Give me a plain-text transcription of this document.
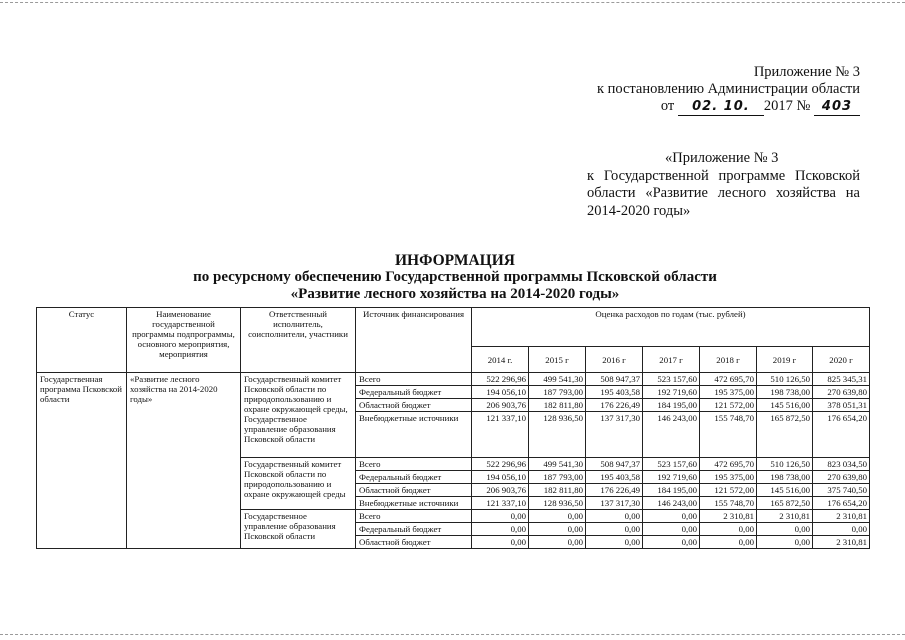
Приложение № 3
к постановлению Администрации области
от 02. 10. 2017 № 403
«Приложение № 3
к Государственной программе Псковской области «Развитие лесного хозяйства на 2014-2020 годы»
ИНФОРМАЦИЯ
по ресурсному обеспечению Государственной программы Псковской области
«Развитие лесного хозяйства на 2014-2020 годы»
Статус	Наименование государственной программы подпрограммы, основного мероприятия, мероприятия	Ответственный исполнитель, соисполнители, участники	Источник финансирования	Оценка расходов по годам (тыс. рублей)						
				2014 г.	2015 г	2016 г	2017 г	2018 г	2019 г	2020 г
Государственная программа Псковской области	«Развитие лесного хозяйства на 2014-2020 годы»	Государственный комитет Псковской области по природопользованию и охране окружающей среды, Государственное управление образования Псковской области	Всего	522 296,96	499 541,30	508 947,37	523 157,60	472 695,70	510 126,50	825 345,31
			Федеральный бюджет	194 056,10	187 793,00	195 403,58	192 719,60	195 375,00	198 738,00	270 639,80
			Областной бюджет	206 903,76	182 811,80	176 226,49	184 195,00	121 572,00	145 516,00	378 051,31
			Внебюджетные источники	121 337,10	128 936,50	137 317,30	146 243,00	155 748,70	165 872,50	176 654,20
		Государственный комитет Псковской области по природопользованию и охране окружающей среды	Всего	522 296,96	499 541,30	508 947,37	523 157,60	472 695,70	510 126,50	823 034,50
			Федеральный бюджет	194 056,10	187 793,00	195 403,58	192 719,60	195 375,00	198 738,00	270 639,80
			Областной бюджет	206 903,76	182 811,80	176 226,49	184 195,00	121 572,00	145 516,00	375 740,50
			Внебюджетные источники	121 337,10	128 936,50	137 317,30	146 243,00	155 748,70	165 872,50	176 654,20
		Государственное управление образования Псковской области	Всего	0,00	0,00	0,00	0,00	2 310,81	2 310,81	2 310,81
			Федеральный бюджет	0,00	0,00	0,00	0,00	0,00	0,00	0,00
			Областной бюджет	0,00	0,00	0,00	0,00	0,00	0,00	2 310,81
